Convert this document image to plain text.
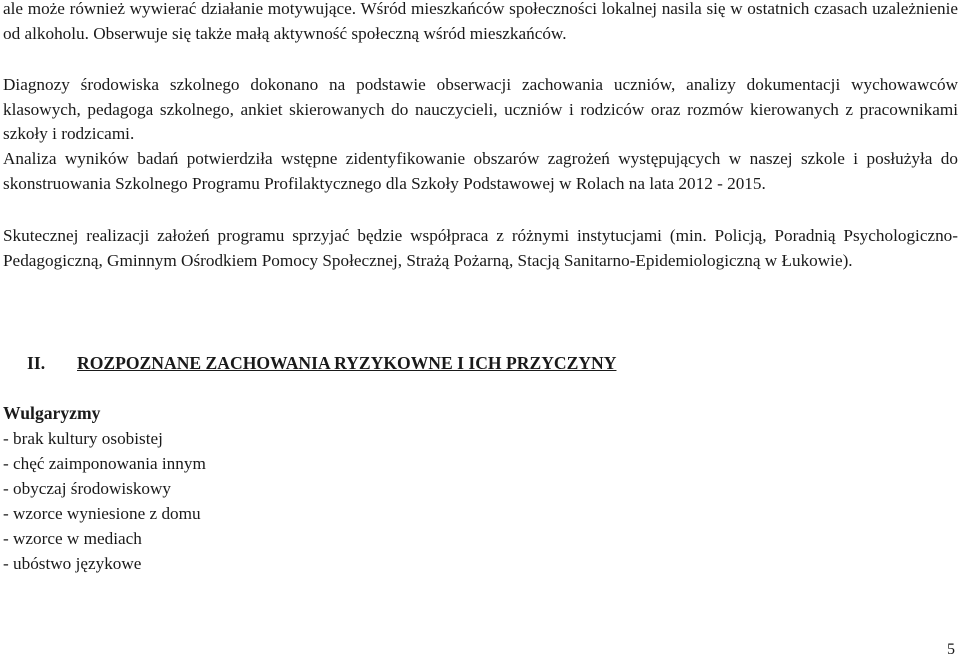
ale może również wywierać działanie motywujące. Wśród mieszkańców społeczności lokalnej nasila się w ostatnich czasach uzależnienie od alkoholu. Obserwuje się także małą aktywność społeczną wśród mieszkańców.

Diagnozy środowiska szkolnego dokonano na podstawie obserwacji zachowania uczniów, analizy dokumentacji wychowawców klasowych, pedagoga szkolnego, ankiet skierowanych do nauczycieli, uczniów i rodziców oraz rozmów kierowanych z pracownikami szkoły i rodzicami.

Analiza wyników badań potwierdziła wstępne zidentyfikowanie obszarów zagrożeń występujących w naszej szkole i posłużyła do skonstruowania Szkolnego Programu Profilaktycznego dla Szkoły Podstawowej w Rolach na lata 2012 - 2015.

Skutecznej realizacji założeń programu sprzyjać będzie współpraca z różnymi instytucjami (min. Policją, Poradnią Psychologiczno-Pedagogiczną, Gminnym Ośrodkiem Pomocy Społecznej, Strażą Pożarną, Stacją Sanitarno-Epidemiologiczną w Łukowie).

II. ROZPOZNANE ZACHOWANIA RYZYKOWNE I ICH PRZYCZYNY
Wulgaryzmy
- brak kultury osobistej
- chęć zaimponowania innym
- obyczaj środowiskowy
- wzorce wyniesione z domu
- wzorce w mediach
- ubóstwo językowe
5
